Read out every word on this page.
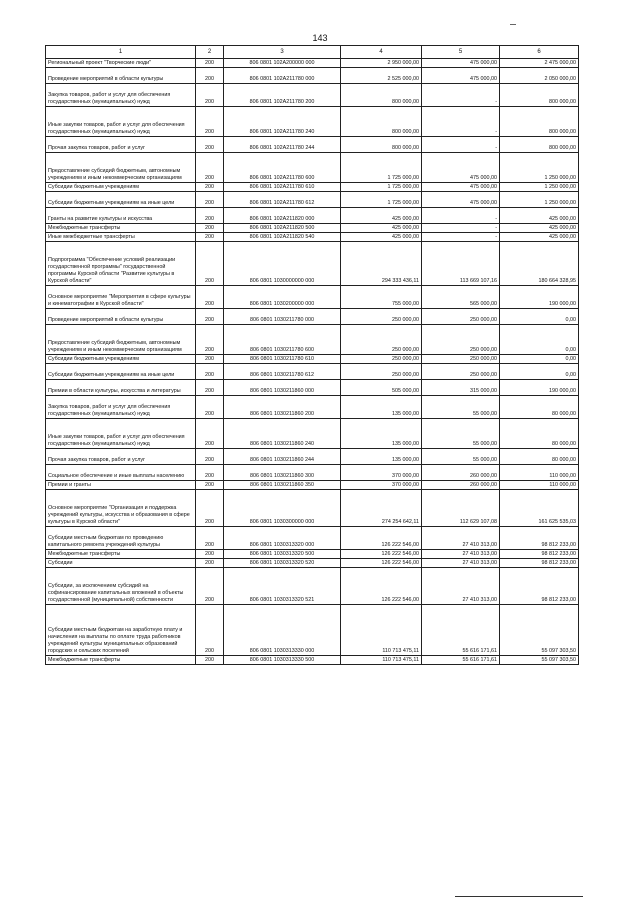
143
1	2	3	4	5	6
Региональный проект "Творческие люди"	200	806 0801 102A200000 000	2 950 000,00	475 000,00	2 475 000,00
Проведение мероприятий в области культуры	200	806 0801 102A211780 000	2 525 000,00	475 000,00	2 050 000,00
Закупка товаров, работ и услуг для обеспечения государственных (муниципальных) нужд	200	806 0801 102A211780 200	800 000,00	-	800 000,00
Иные закупки товаров, работ и услуг для обеспечения государственных (муниципальных) нужд	200	806 0801 102A211780 240	800 000,00	-	800 000,00
Прочая закупка товаров, работ и услуг	200	806 0801 102A211780 244	800 000,00	-	800 000,00
Предоставление субсидий бюджетным, автономным учреждениям и иным некоммерческим организациям	200	806 0801 102A211780 600	1 725 000,00	475 000,00	1 250 000,00
Субсидии бюджетным учреждениям	200	806 0801 102A211780 610	1 725 000,00	475 000,00	1 250 000,00
Субсидии бюджетным учреждениям на иные цели	200	806 0801 102A211780 612	1 725 000,00	475 000,00	1 250 000,00
Гранты на развитие культуры и искусства	200	806 0801 102A211820 000	425 000,00	-	425 000,00
Межбюджетные трансферты	200	806 0801 102A211820 500	425 000,00	-	425 000,00
Иные межбюджетные трансферты	200	806 0801 102A211820 540	425 000,00	-	425 000,00
Подпрограмма "Обеспечение условий реализации государственной программы" государственной программы Курской области "Развитие культуры в Курской области"	200	806 0801 1030000000 000	294 333 436,11	113 669 107,16	180 664 328,95
Основное мероприятие "Мероприятия в сфере культуры и кинематографии в Курской области"	200	806 0801 1030200000 000	755 000,00	565 000,00	190 000,00
Проведение мероприятий в области культуры	200	806 0801 1030211780 000	250 000,00	250 000,00	0,00
Предоставление субсидий бюджетным, автономным учреждениям и иным некоммерческим организациям	200	806 0801 1030211780 600	250 000,00	250 000,00	0,00
Субсидии бюджетным учреждениям	200	806 0801 1030211780 610	250 000,00	250 000,00	0,00
Субсидии бюджетным учреждениям на иные цели	200	806 0801 1030211780 612	250 000,00	250 000,00	0,00
Премии в области культуры, искусства и литературы	200	806 0801 1030211860 000	505 000,00	315 000,00	190 000,00
Закупка товаров, работ и услуг для обеспечения государственных (муниципальных) нужд	200	806 0801 1030211860 200	135 000,00	55 000,00	80 000,00
Иные закупки товаров, работ и услуг для обеспечения государственных (муниципальных) нужд	200	806 0801 1030211860 240	135 000,00	55 000,00	80 000,00
Прочая закупка товаров, работ и услуг	200	806 0801 1030211860 244	135 000,00	55 000,00	80 000,00
Социальное обеспечение и иные выплаты населению	200	806 0801 1030211860 300	370 000,00	260 000,00	110 000,00
Премии и гранты	200	806 0801 1030211860 350	370 000,00	260 000,00	110 000,00
Основное мероприятие "Организация и поддержка учреждений культуры, искусства и образования в сфере культуры в Курской области"	200	806 0801 1030300000 000	274 254 642,11	112 629 107,08	161 625 535,03
Субсидии местным бюджетам по проведению капитального ремонта учреждений культуры	200	806 0801 1030313320 000	126 222 546,00	27 410 313,00	98 812 233,00
Межбюджетные трансферты	200	806 0801 1030313320 500	126 222 546,00	27 410 313,00	98 812 233,00
Субсидии	200	806 0801 1030313320 520	126 222 546,00	27 410 313,00	98 812 233,00
Субсидии, за исключением субсидий на софинансирование капитальных вложений в объекты государственной (муниципальной) собственности	200	806 0801 1030313320 521	126 222 546,00	27 410 313,00	98 812 233,00
Субсидии местным бюджетам на заработную плату и начисления на выплаты по оплате труда работников учреждений культуры муниципальных образований городских и сельских поселений	200	806 0801 1030313330 000	110 713 475,11	55 616 171,61	55 097 303,50
Межбюджетные трансферты	200	806 0801 1030313330 500	110 713 475,11	55 616 171,61	55 097 303,50
